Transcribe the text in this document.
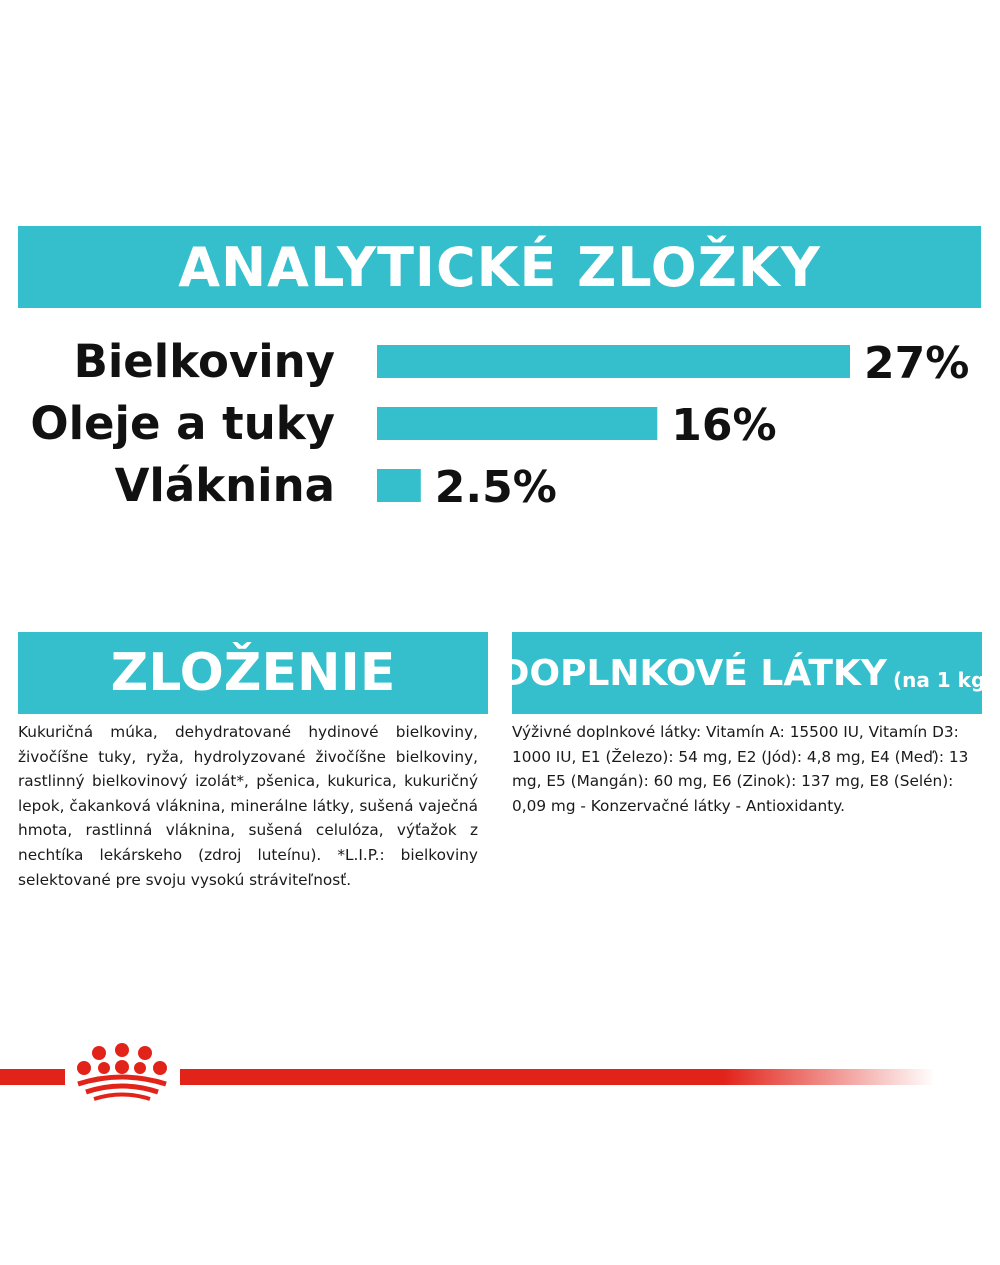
ANALYTICKÉ ZLOŽKY
Bielkoviny	27%
Oleje a tuky	16%
Vláknina 2.5%
ZLOŽENIE

Kukuričná múka, dehydratované hydinové bielkoviny, živočíšne tuky, ryža, hydrolyzované živočíšne bielkoviny, rastlinný bielkovinový izolát*, pšenica, kukurica, kukuričný lepok, čakanková vláknina, minerálne látky, sušená vaječná hmota, rastlinná vláknina, sušená celulóza, výťažok z nechtíka lekárskeho (zdroj luteínu). *L.I.P.: bielkoviny selektované pre svoju vysokú stráviteľnosť.

DOPLNKOVÉ LÁTKY (na 1 kg)

Výživné doplnkové látky: Vitamín A: 15500 IU, Vitamín D3: 1000 IU, E1 (Železo): 54 mg, E2 (Jód): 4,8 mg, E4 (Meď): 13 mg, E5 (Mangán): 60 mg, E6 (Zinok): 137 mg, E8 (Selén): 0,09 mg - Konzervačné látky - Antioxidanty.
